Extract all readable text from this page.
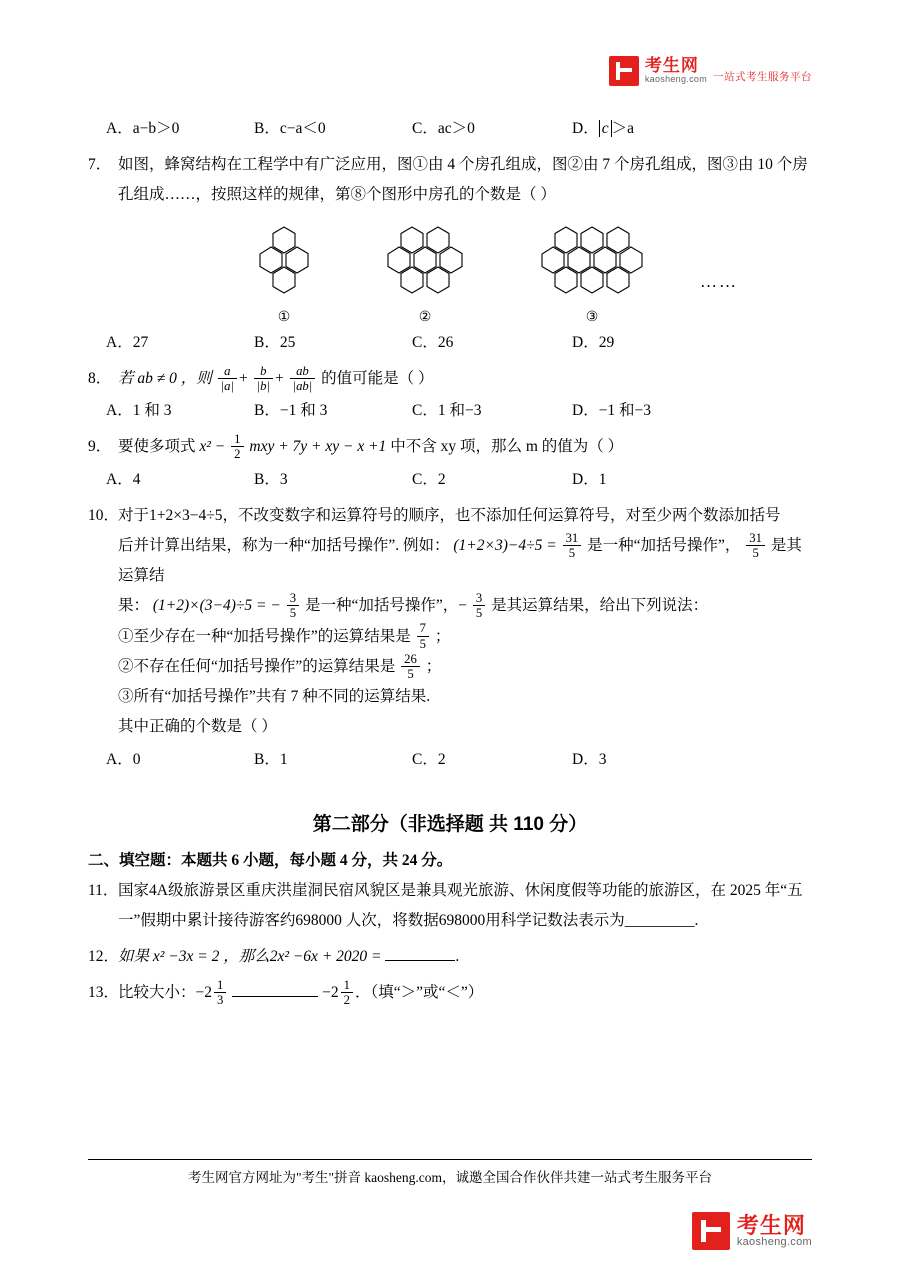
考生网
kaosheng.com 一站式考生服务平台
A．a−b＞0	B．c−a＜0	C．ac＞0	D． c ＞a
7． 如图，蜂窝结构在工程学中有广泛应用，图①由 4 个房孔组成，图②由 7 个房孔组成，图③由 10 个房孔组成……，按照这样的规律，第⑧个图形中房孔的个数是（ ）
①	②	③
……
A．27	B．25	C．26	D．29
8． 若 ab ≠ 0 ，则 $\frac{a}{|a|} + \frac{b}{|b|} + \frac{ab}{|ab|}$ 的值可能是（ ）
A．1 和 3	B．−1 和 3	C．1 和−3	D．−1 和−3
9． 要使多项式 $x^2 - \frac{1}{2}$ mxy + 7y + xy − x +1 中不含 xy 项，那么 m 的值为（ ）
A．4	B．3	C．2	D．1
10．
对于1+2×3−4÷5，不改变数字和运算符号的顺序，也不添加任何运算符号，对至少两个数添加括号
后并计算出结果，称为一种“加括号操作”. 例如： $(1+2\times 3)-4\div 5 = \frac{31}{5}$ 是一种“加括号操作”， $\frac{31}{5}$ 是其运算结
果： (1+2)×(3−4)÷5 = − $\frac{3}{5}$ 是一种“加括号操作”，− $\frac{3}{5}$ 是其运算结果，给出下列说法：
①至少存在一种“加括号操作”的运算结果是 $\frac{7}{5}$ ；
②不存在任何“加括号操作”的运算结果是 $\frac{26}{5}$ ；
③所有“加括号操作”共有 7 种不同的运算结果.
其中正确的个数是（ ）
A．0	B．1	C．2	D．3
第二部分（非选择题 共 110 分）
二、填空题：本题共 6 小题，每小题 4 分，共 24 分。
11． 国家4A级旅游景区重庆洪崖洞民宿风貌区是兼具观光旅游、休闲度假等功能的旅游区，在 2025 年“五
一”假期中累计接待游客约698000 人次，将数据698000用科学记数法表示为_________.
12．
如果 x² −3x = 2 ，那么2x² −6x + 2020 =	.
13．
比较大小：$-2 \frac{1}{3}$	$-2 \frac{1}{2}$ ．（填“＞”或“＜”）
考生网官方网址为"考生"拼音 kaosheng.com，诚邀全国合作伙伴共建一站式考生服务平台
考生网
kaosheng.com
